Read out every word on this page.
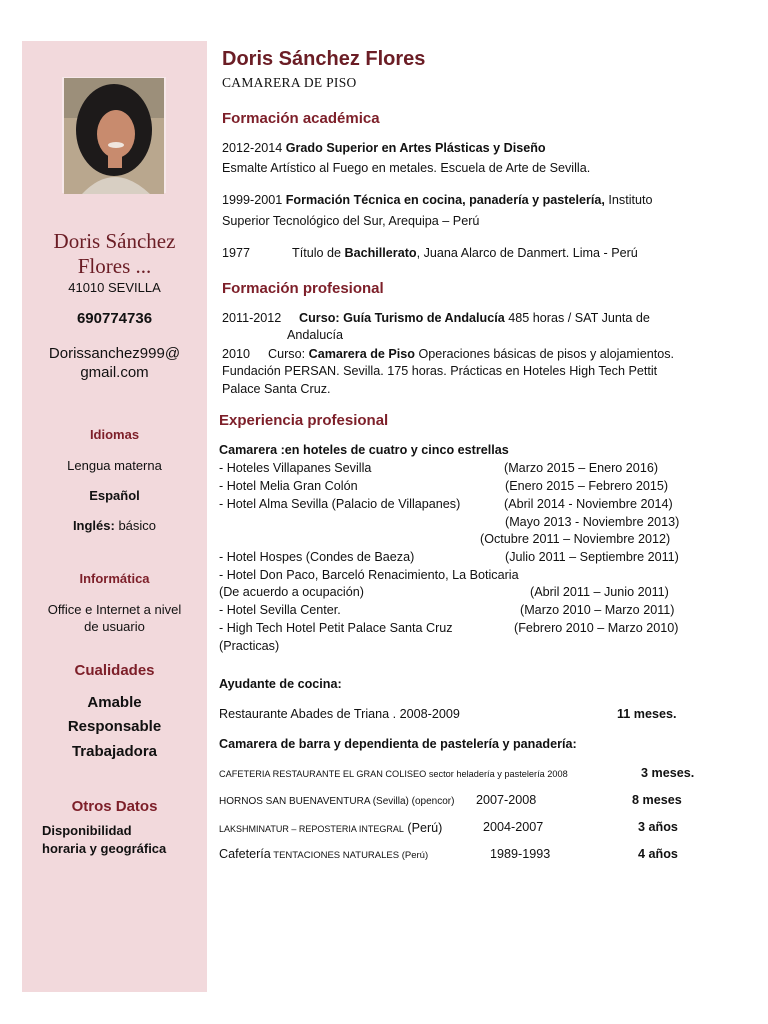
Doris Sánchez
Flores ...
41010 SEVILLA
690774736
Dorissanchez999@
gmail.com
Idiomas
Lengua materna
Español
Inglés: básico
Informática
Office e Internet a nivel
de usuario
Cualidades
Amable
Responsable
Trabajadora
Otros Datos
Disponibilidad
horaria y geográfica
Doris Sánchez Flores
CAMARERA DE PISO
Formación académica
2012-2014 Grado Superior en Artes Plásticas y Diseño
Esmalte Artístico al Fuego en metales. Escuela de Arte de Sevilla.
1999-2001 Formación Técnica en cocina, panadería y pastelería, Instituto
Superior Tecnológico del Sur, Arequipa – Perú
1977	Título de Bachillerato, Juana Alarco de Danmert. Lima - Perú
Formación profesional
2011-2012 Curso: Guía Turismo de Andalucía 485 horas / SAT Junta de
Andalucía
2010 Curso: Camarera de Piso Operaciones básicas de pisos y alojamientos.
Fundación PERSAN. Sevilla. 175 horas. Prácticas en Hoteles High Tech Pettit
Palace Santa Cruz.
Experiencia profesional
Camarera :en hoteles de cuatro y cinco estrellas
- Hoteles Villapanes Sevilla	(Marzo 2015 – Enero 2016)
- Hotel Melia Gran Colón	(Enero 2015 – Febrero 2015)
- Hotel Alma Sevilla (Palacio de Villapanes)	(Abril 2014 - Noviembre 2014)
(Mayo 2013 - Noviembre 2013)
(Octubre 2011 – Noviembre 2012)
- Hotel Hospes (Condes de Baeza)	(Julio 2011 – Septiembre 2011)
- Hotel Don Paco, Barceló Renacimiento, La Boticaria
(De acuerdo a ocupación)	(Abril 2011 – Junio 2011)
- Hotel Sevilla Center.	(Marzo 2010 – Marzo 2011)
- High Tech Hotel Petit Palace Santa Cruz	(Febrero 2010 – Marzo 2010)
(Practicas)
Ayudante de cocina:
Restaurante Abades de Triana . 2008-2009	11 meses.
Camarera de barra y dependienta de pastelería y panadería:
CAFETERIA RESTAURANTE EL GRAN COLISEO sector heladería y pastelería 2008	3 meses.
HORNOS SAN BUENAVENTURA (Sevilla) (opencor) 2007-2008	8 meses
LAKSHMINATUR – REPOSTERIA INTEGRAL (Perú)	2004-2007	3 años
Cafetería TENTACIONES NATURALES (Perú)	1989-1993	4 años
